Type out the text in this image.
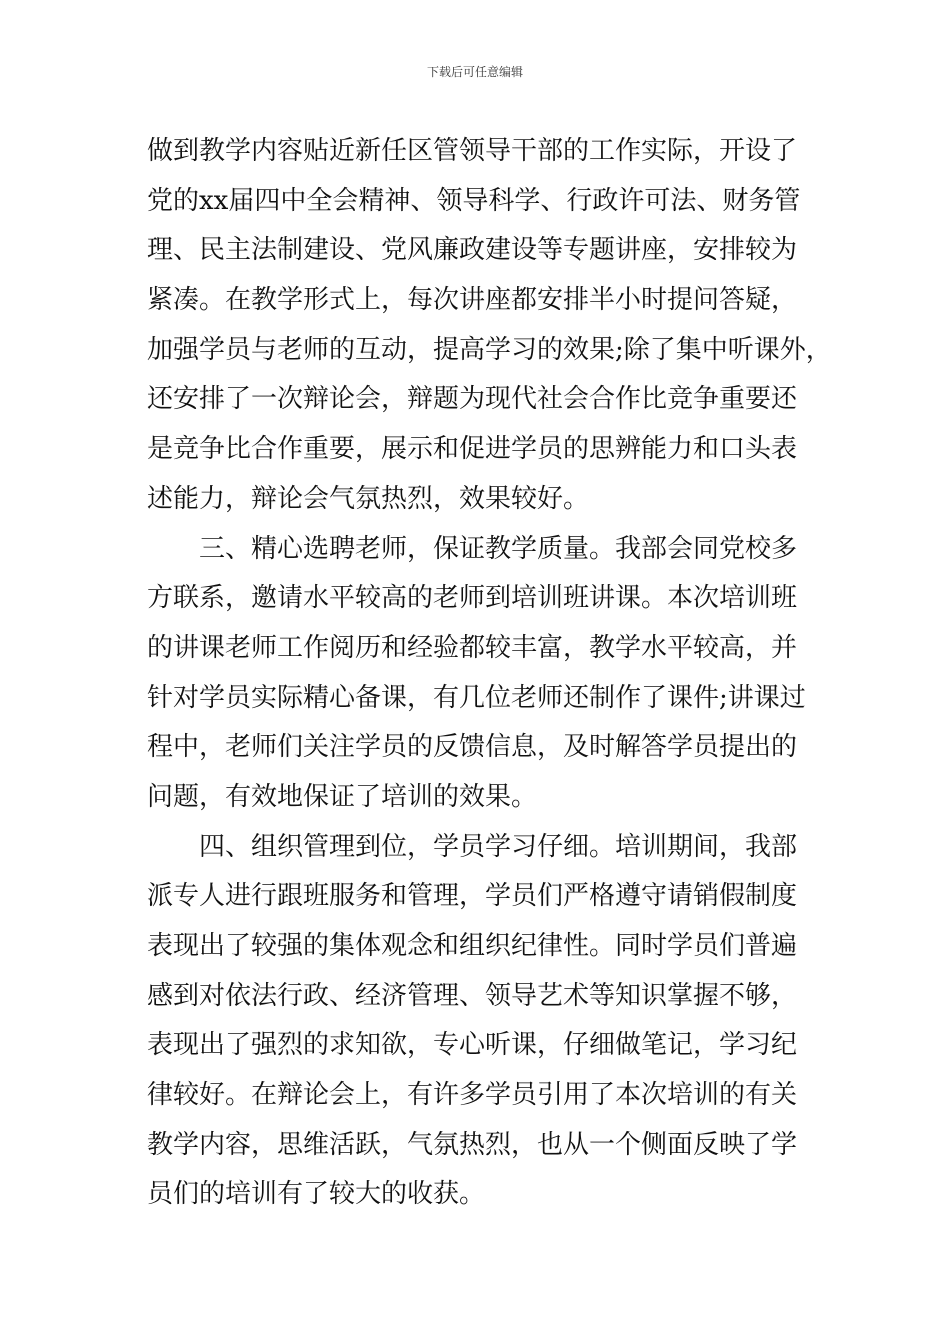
下载后可任意编辑
做到教学内容贴近新任区管领导干部的工作实际，开设了
党的xx届四中全会精神、领导科学、行政许可法、财务管
理、民主法制建设、党风廉政建设等专题讲座，安排较为
紧凑。在教学形式上，每次讲座都安排半小时提问答疑，
加强学员与老师的互动，提高学习的效果;除了集中听课外，
还安排了一次辩论会，辩题为现代社会合作比竞争重要还
是竞争比合作重要，展示和促进学员的思辨能力和口头表
述能力，辩论会气氛热烈，效果较好。
　　三、精心选聘老师，保证教学质量。我部会同党校多
方联系，邀请水平较高的老师到培训班讲课。本次培训班
的讲课老师工作阅历和经验都较丰富，教学水平较高，并
针对学员实际精心备课，有几位老师还制作了课件;讲课过
程中，老师们关注学员的反馈信息，及时解答学员提出的
问题，有效地保证了培训的效果。
　　四、组织管理到位，学员学习仔细。培训期间，我部
派专人进行跟班服务和管理，学员们严格遵守请销假制度
表现出了较强的集体观念和组织纪律性。同时学员们普遍
感到对依法行政、经济管理、领导艺术等知识掌握不够，
表现出了强烈的求知欲，专心听课，仔细做笔记，学习纪
律较好。在辩论会上，有许多学员引用了本次培训的有关
教学内容，思维活跃，气氛热烈，也从一个侧面反映了学
员们的培训有了较大的收获。
